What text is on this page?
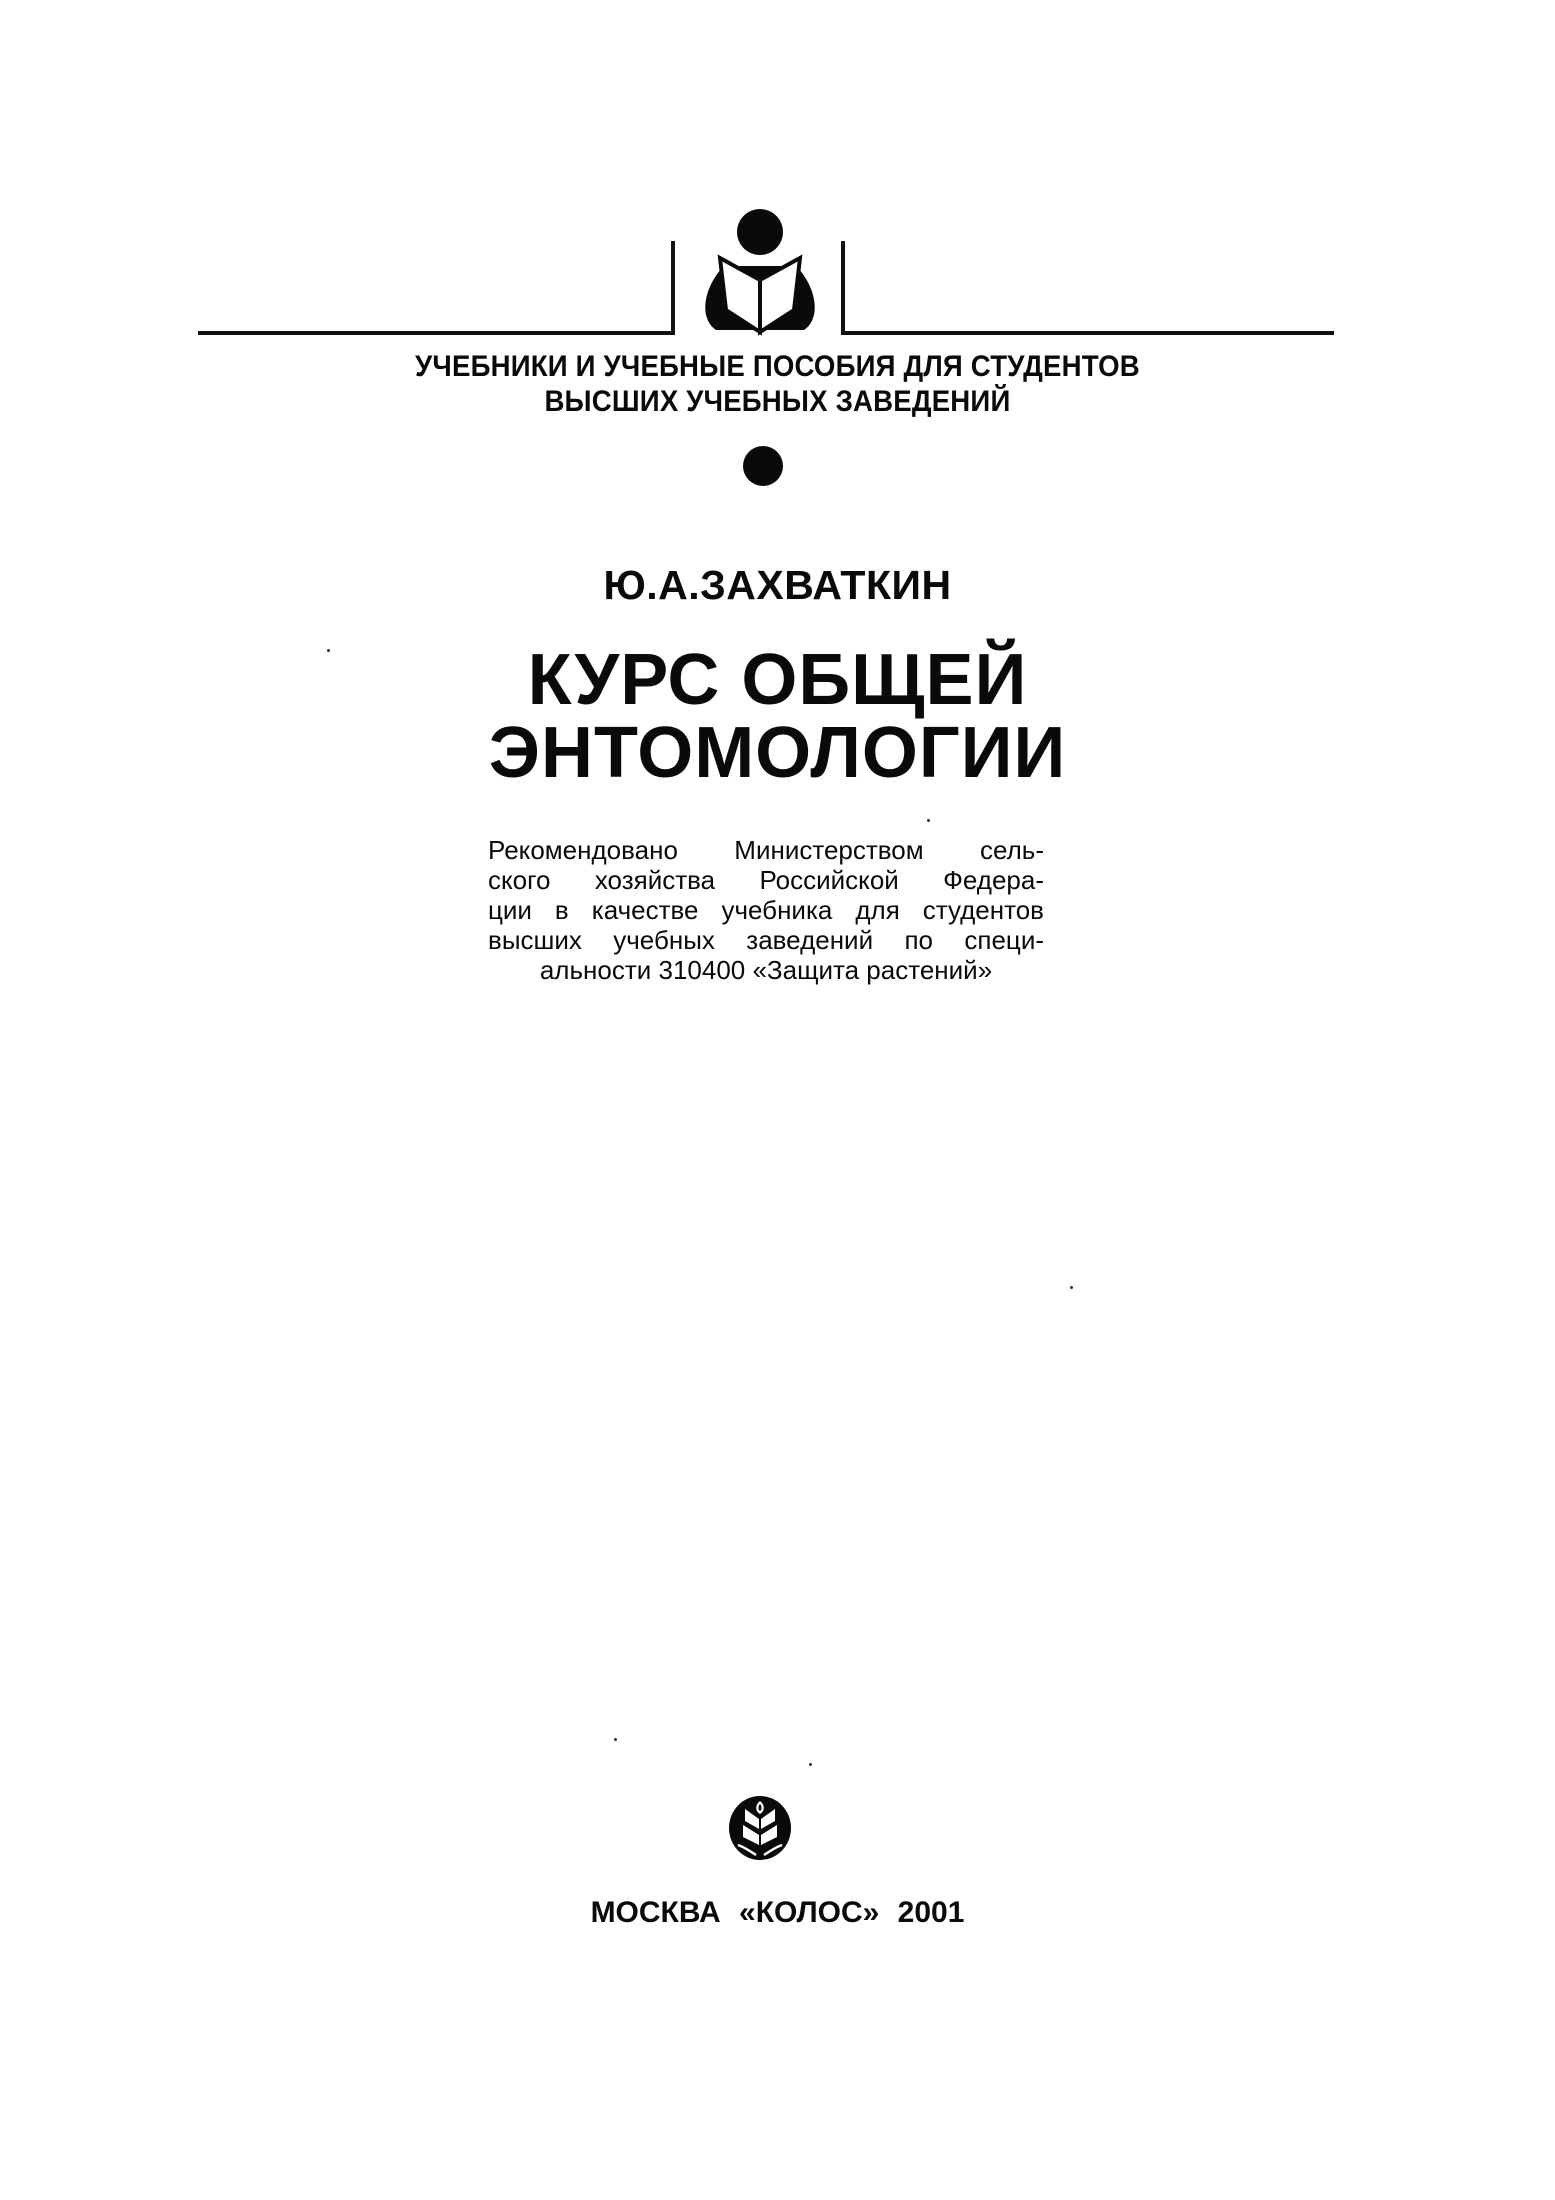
УЧЕБНИКИ И УЧЕБНЫЕ ПОСОБИЯ ДЛЯ СТУДЕНТОВ
ВЫСШИХ УЧЕБНЫХ ЗАВЕДЕНИЙ
Ю.А.ЗАХВАТКИН
КУРС ОБЩЕЙ
ЭНТОМОЛОГИИ
Рекомендовано Министерством сель-
ского хозяйства Российской Федера-
ции в качестве учебника для студентов
высших учебных заведений по специ-
альности 310400 «Защита растений»
МОСКВА «КОЛОС» 2001
